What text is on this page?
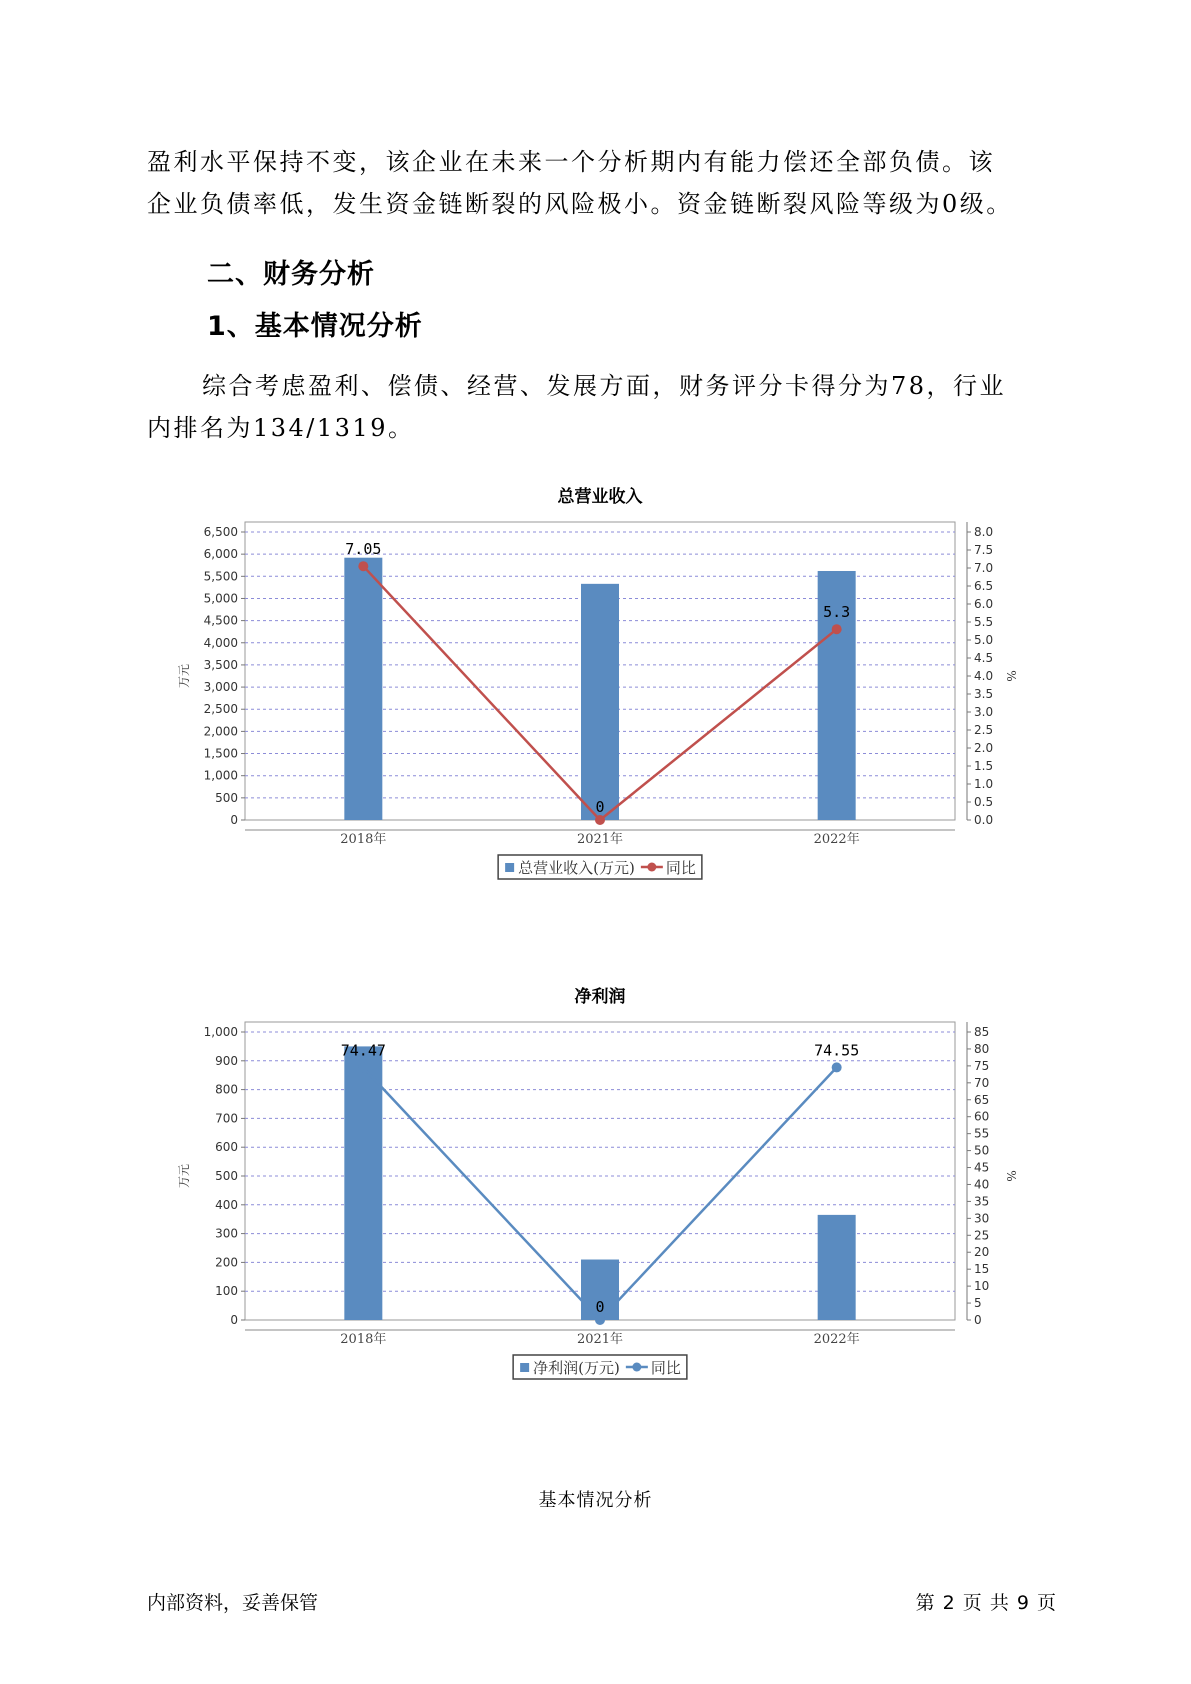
盈利水平保持不变，该企业在未来一个分析期内有能力偿还全部负债。该
企业负债率低，发生资金链断裂的风险极小。资金链断裂风险等级为0级。
二、财务分析
1、基本情况分析
综合考虑盈利、偿债、经营、发展方面，财务评分卡得分为78，行业
内排名为134/1319。
总营业收入
0
500
1,000
1,500
2,000
2,500
3,000
3,500
4,000
4,500
5,000
5,500
6,000
6,500
0.0
0.5
1.0
1.5
2.0
2.5
3.0
3.5
4.0
4.5
5.0
5.5
6.0
6.5
7.0
7.5
8.0
万元	%
2018年	2021年	2022年
7.05
0
5.3
总营业收入(万元) 同比
净利润
0
100
200
300
400
500
600
700
800
900
1,000
0
5
10
15
20
25
30
35
40
45
50
55
60
65
70
75
80
85
万元	%
2018年	2021年	2022年
74.47
0
74.55
净利润(万元) 同比
基本情况分析
内部资料，妥善保管	第 2 页 共 9 页
